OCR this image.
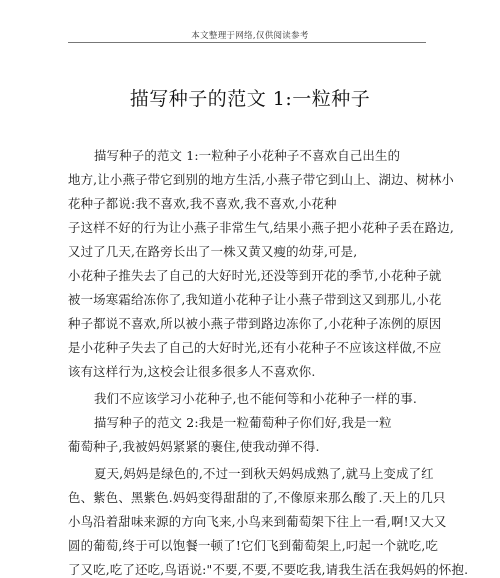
本文整理于网络,仅供阅读参考
描写种子的范文 1:一粒种子
描写种子的范文 1:一粒种子小花种子不喜欢自己出生的
地方,让小燕子带它到别的地方生活,小燕子带它到山上、湖边、树林小
花种子都说:我不喜欢,我不喜欢,我不喜欢,小花种
子这样不好的行为让小燕子非常生气,结果小燕子把小花种子丢在路边,
又过了几天,在路旁长出了一株又黄又瘦的幼芽,可是,
小花种子推失去了自己的大好时光,还没等到开花的季节,小花种子就
被一场寒霜给冻你了,我知道小花种子让小燕子带到这又到那儿,小花
种子都说不喜欢,所以被小燕子带到路边冻你了,小花种子冻例的原因
是小花种子失去了自己的大好时光,还有小花种子不应该这样做,不应
该有这样行为,这校会让很多很多人不喜欢你.
我们不应该学习小花种子,也不能何等和小花种子一样的事.
描写种子的范文 2:我是一粒葡萄种子你们好,我是一粒
葡萄种子,我被妈妈紧紧的裹住,使我动弹不得.
夏天,妈妈是绿色的,不过一到秋天妈妈成熟了,就马上变成了红
色、紫色、黑紫色.妈妈变得甜甜的了,不像原来那么酸了.天上的几只
小鸟沿着甜味来源的方向飞来,小鸟来到葡萄架下往上一看,啊!又大又
圆的葡萄,终于可以饱餐一顿了!它们飞到葡萄架上,叼起一个就吃,吃
了又吃,吃了还吃,鸟语说:"不要,不要,不要吃我,请我生活在我妈妈的怀抱.
